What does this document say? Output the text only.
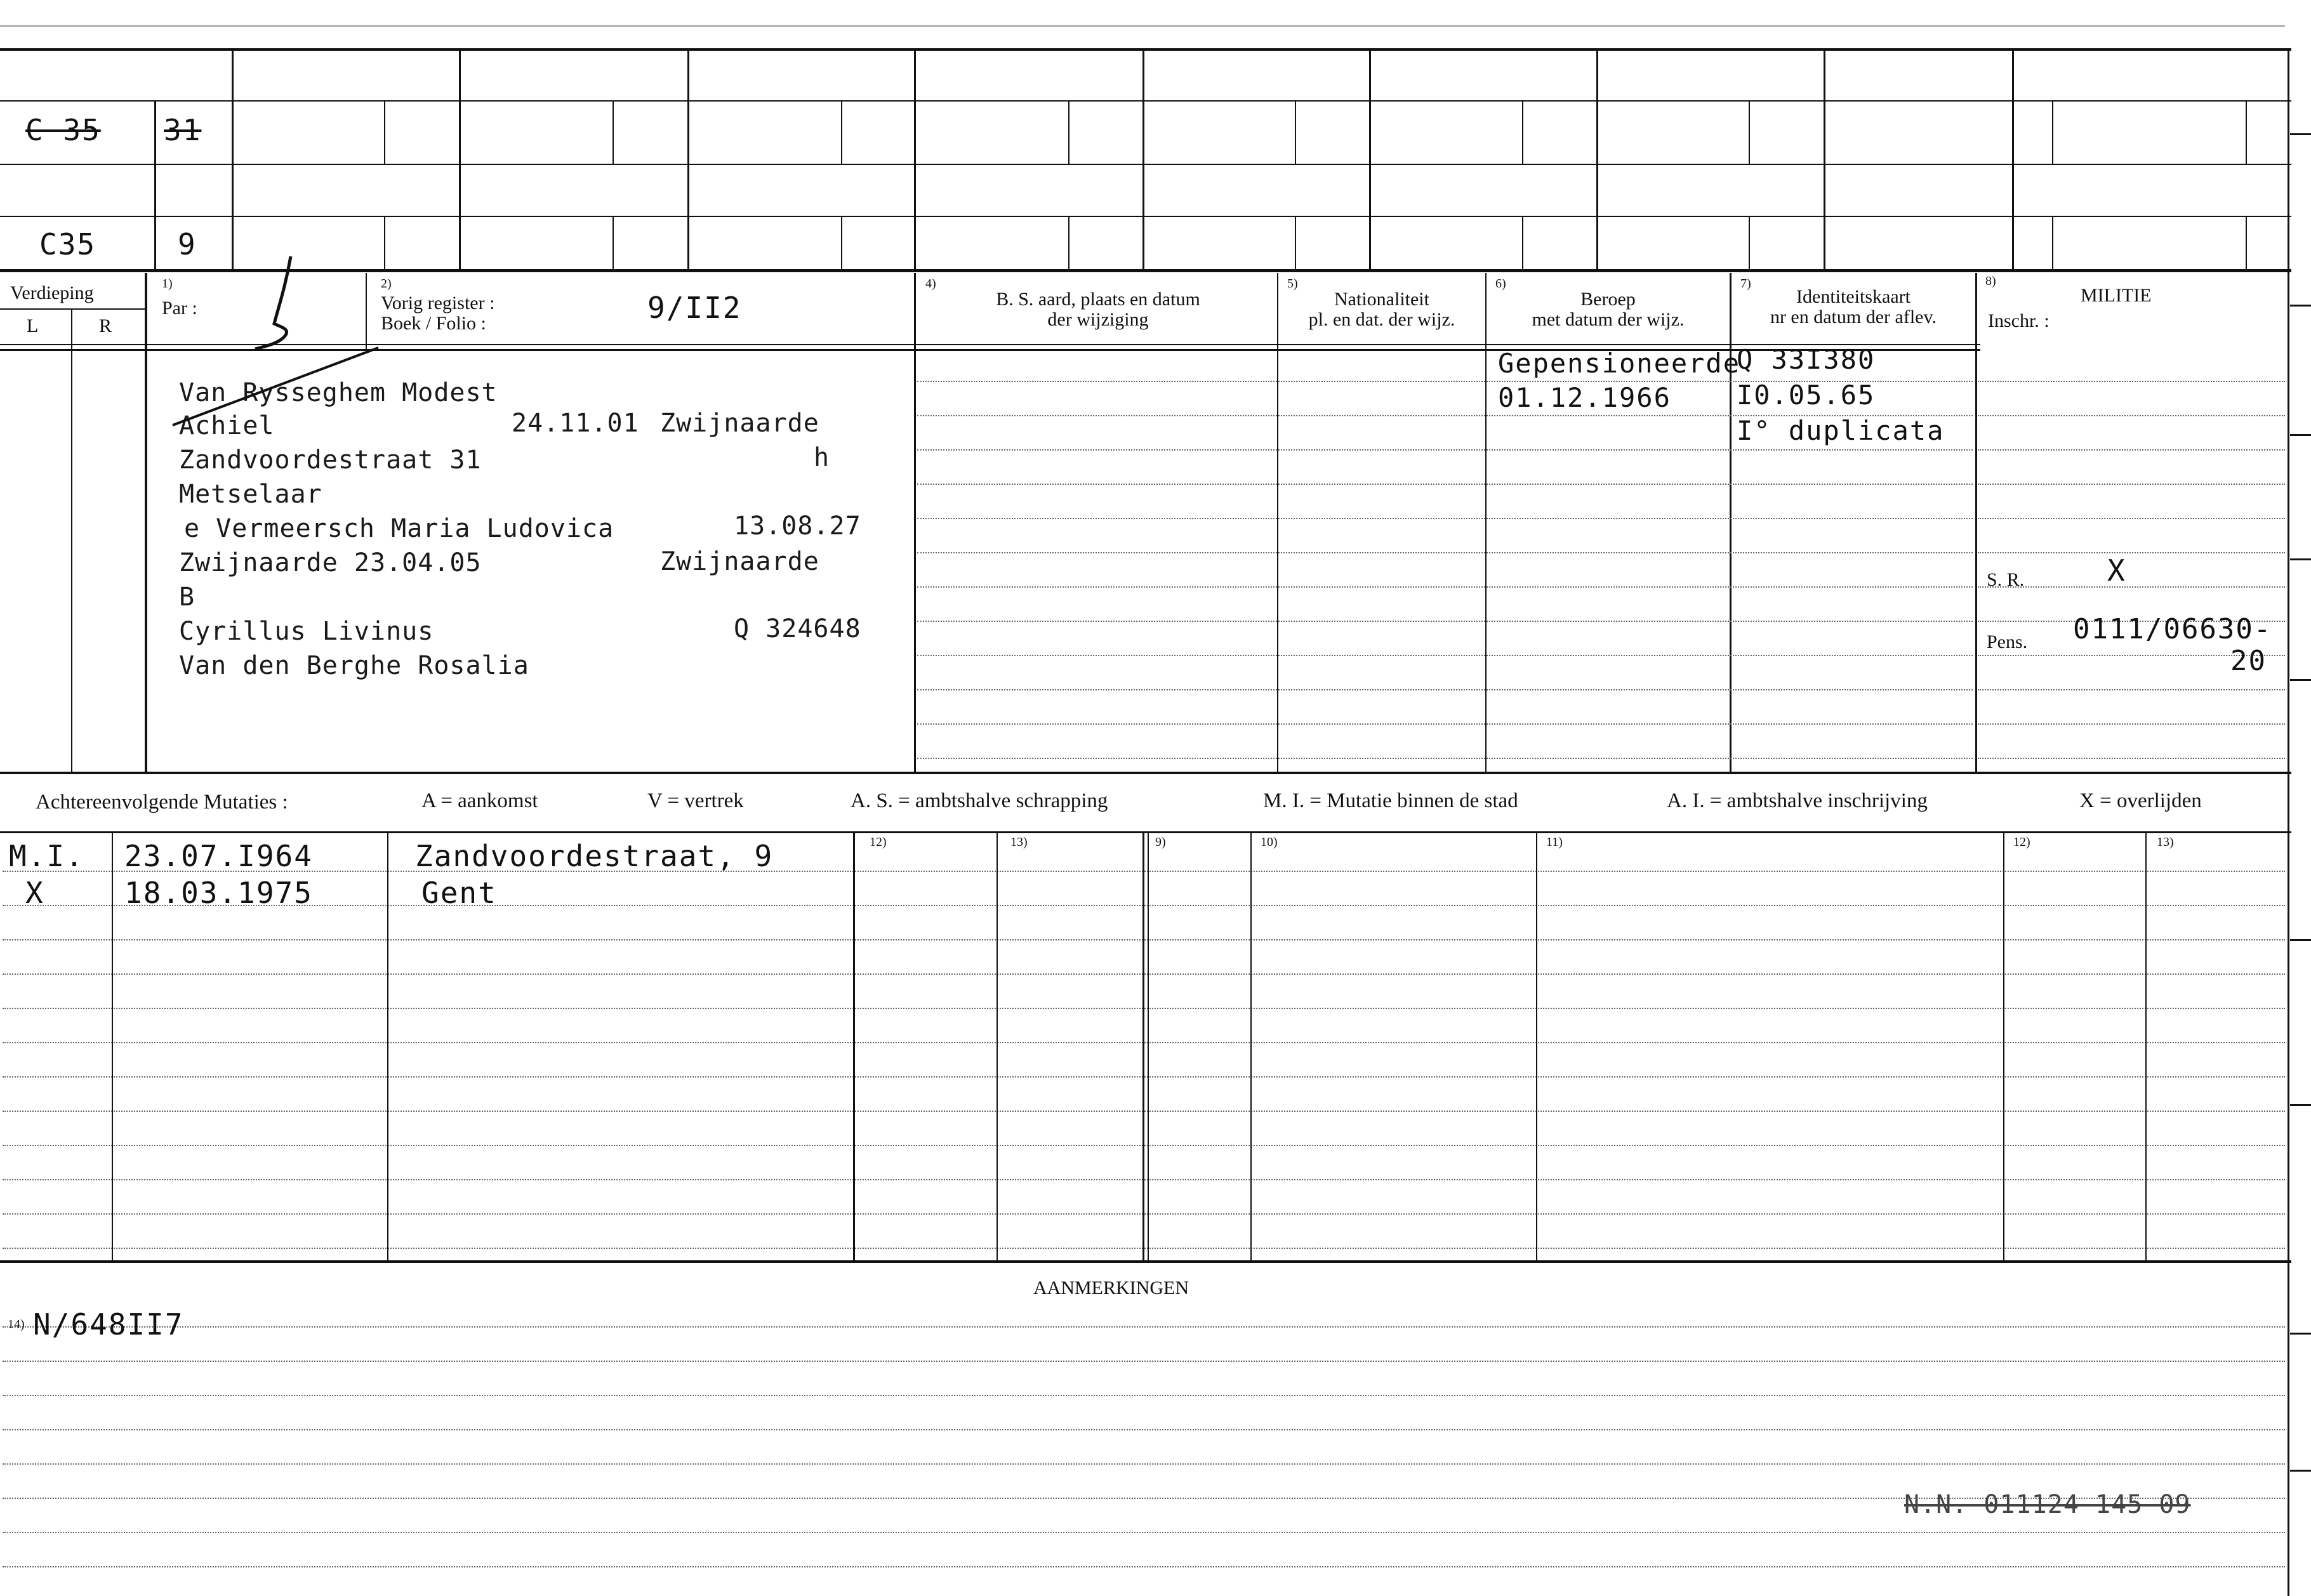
C 35 31
C35	9
Verdieping
L	R
1)
Par :
2)
Vorig register :
Boek / Folio :	9/II2
4)
B. S. aard, plaats en datum
der wijziging
5)
Nationaliteit
pl. en dat. der wijz.
6)
Beroep
met datum der wijz.
7)
Identiteitskaart
nr en datum der aflev.
8)
MILITIE
Inschr. :
Van Rysseghem Modest
Achiel	24.11.01 Zwijnaarde
Zandvoordestraat 31	h
Metselaar
e Vermeersch Maria Ludovica	13.08.27
Zwijnaarde 23.04.05	Zwijnaarde
B
Cyrillus Livinus	Q 324648
Van den Berghe Rosalia
Gepensioneerde
01.12.1966
Q 33I380
I0.05.65
I° duplicata
S. R.	X
Pens. 0111/06630-
20
Achtereenvolgende Mutaties :	A = aankomst	V = vertrek	A. S. = ambtshalve schrapping	M. I. = Mutatie binnen de stad	A. I. = ambtshalve inschrijving	X = overlijden
12)	13)	9)	10)	11)	12)	13)
M.I. 23.07.I964	Zandvoordestraat, 9
X	18.03.1975	Gent
AANMERKINGEN
14) N/648II7
N.N. 011124 145 09
